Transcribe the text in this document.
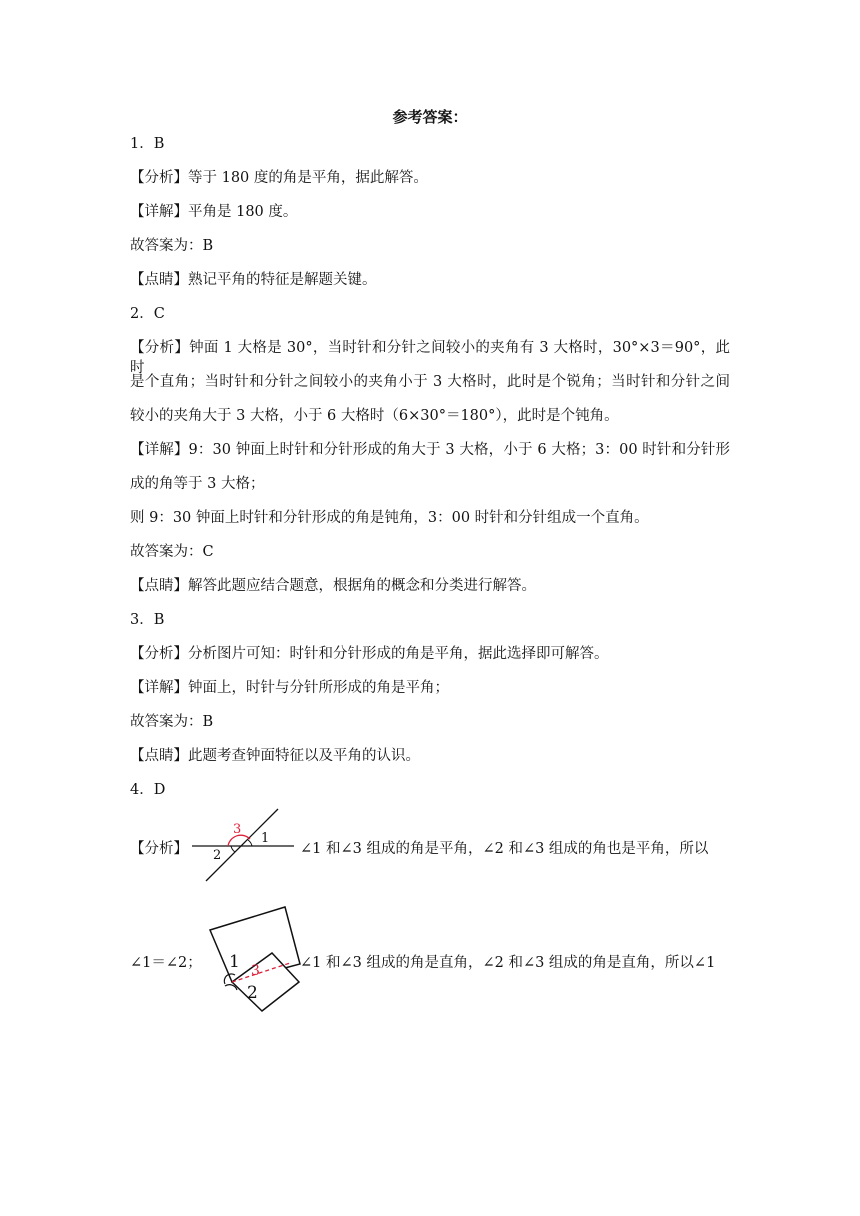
参考答案：
1．B
【分析】等于 180 度的角是平角，据此解答。
【详解】平角是 180 度。
故答案为：B
【点睛】熟记平角的特征是解题关键。
2．C
【分析】钟面 1 大格是 30°，当时针和分针之间较小的夹角有 3 大格时，30°×3＝90°，此时
是个直角；当时针和分针之间较小的夹角小于 3 大格时，此时是个锐角；当时针和分针之间
较小的夹角大于 3 大格，小于 6 大格时（6×30°＝180°），此时是个钝角。
【详解】9：30 钟面上时针和分针形成的角大于 3 大格，小于 6 大格；3：00 时针和分针形
成的角等于 3 大格；
则 9：30 钟面上时针和分针形成的角是钝角，3：00 时针和分针组成一个直角。
故答案为：C
【点睛】解答此题应结合题意，根据角的概念和分类进行解答。
3．B
【分析】分析图片可知：时针和分针形成的角是平角，据此选择即可解答。
【详解】钟面上，时针与分针所形成的角是平角；
故答案为：B
【点睛】此题考查钟面特征以及平角的认识。
4．D
【分析】
3
1
2	∠1 和∠3 组成的角是平角，∠2 和∠3 组成的角也是平角，所以
∠1＝∠2； 1 3
2
∠1 和∠3 组成的角是直角，∠2 和∠3 组成的角是直角，所以∠1
